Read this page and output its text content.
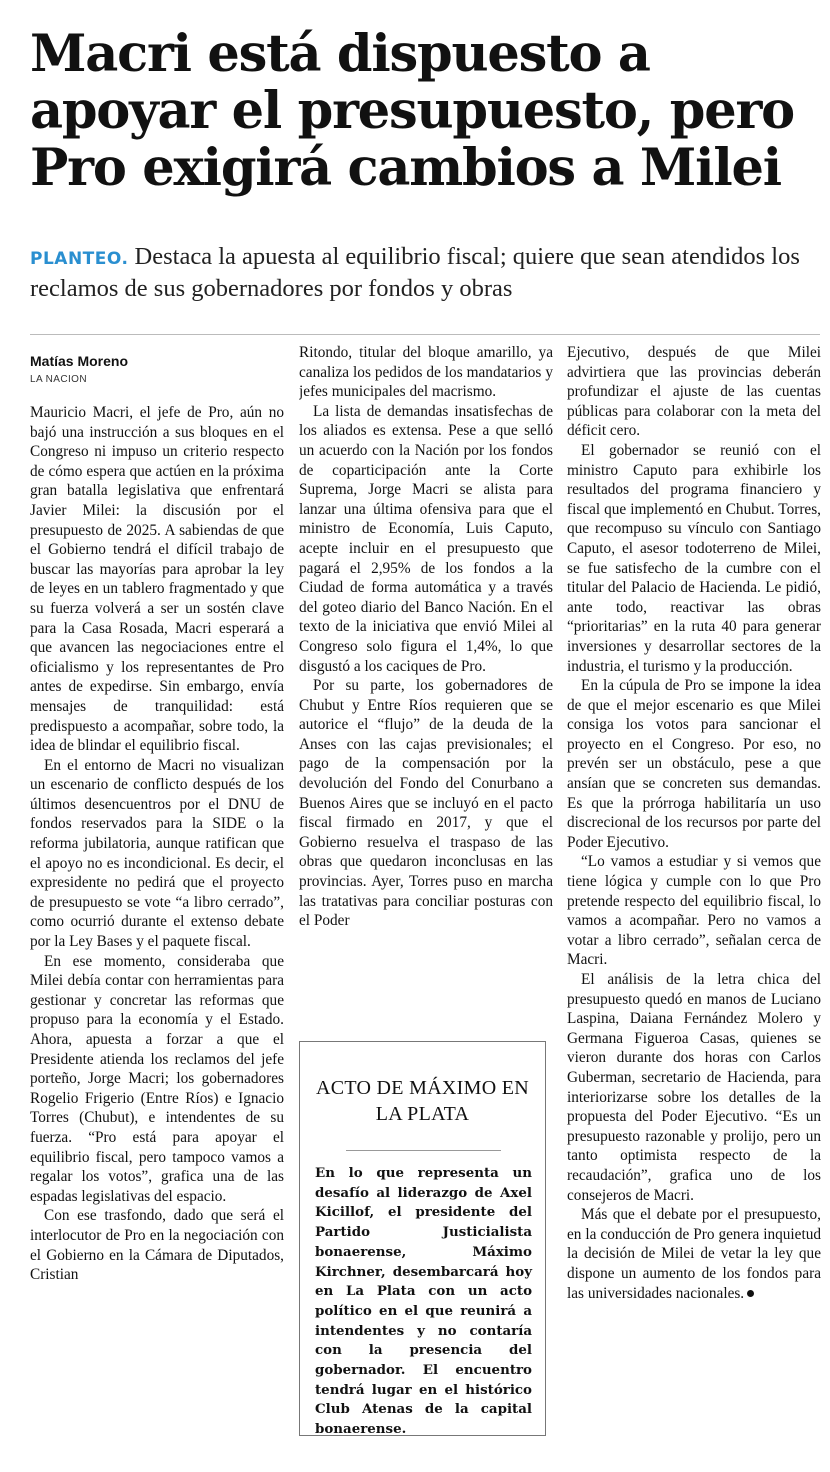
Macri está dispuesto a apoyar el presupuesto, pero Pro exigirá cambios a Milei

PLANTEO. Destaca la apuesta al equilibrio fiscal; quiere que sean atendidos los reclamos de sus gobernadores por fondos y obras

Matías Moreno
LA NACION

Mauricio Macri, el jefe de Pro, aún no bajó una instrucción a sus bloques en el Congreso ni impuso un criterio respecto de cómo espera que actúen en la próxima gran batalla legislativa que enfrentará Javier Milei: la discusión por el presupuesto de 2025. A sabiendas de que el Gobierno tendrá el difícil trabajo de buscar las mayorías para aprobar la ley de leyes en un tablero fragmentado y que su fuerza volverá a ser un sostén clave para la Casa Rosada, Macri esperará a que avancen las negociaciones entre el oficialismo y los representantes de Pro antes de expedirse. Sin embargo, envía mensajes de tranquilidad: está predispuesto a acompañar, sobre todo, la idea de blindar el equilibrio fiscal.

En el entorno de Macri no visualizan un escenario de conflicto después de los últimos desencuentros por el DNU de fondos reservados para la SIDE o la reforma jubilatoria, aunque ratifican que el apoyo no es incondicional. Es decir, el expresidente no pedirá que el proyecto de presupuesto se vote “a libro cerrado”, como ocurrió durante el extenso debate por la Ley Bases y el paquete fiscal.

En ese momento, consideraba que Milei debía contar con herramientas para gestionar y concretar las reformas que propuso para la economía y el Estado. Ahora, apuesta a forzar a que el Presidente atienda los reclamos del jefe porteño, Jorge Macri; los gobernadores Rogelio Frigerio (Entre Ríos) e Ignacio Torres (Chubut), e intendentes de su fuerza. “Pro está para apoyar el equilibrio fiscal, pero tampoco vamos a regalar los votos”, grafica una de las espadas legislativas del espacio.

Con ese trasfondo, dado que será el interlocutor de Pro en la negociación con el Gobierno en la Cámara de Diputados, Cristian

Ritondo, titular del bloque amarillo, ya canaliza los pedidos de los mandatarios y jefes municipales del macrismo.

La lista de demandas insatisfechas de los aliados es extensa. Pese a que selló un acuerdo con la Nación por los fondos de coparticipación ante la Corte Suprema, Jorge Macri se alista para lanzar una última ofensiva para que el ministro de Economía, Luis Caputo, acepte incluir en el presupuesto que pagará el 2,95% de los fondos a la Ciudad de forma automática y a través del goteo diario del Banco Nación. En el texto de la iniciativa que envió Milei al Congreso solo figura el 1,4%, lo que disgustó a los caciques de Pro.

Por su parte, los gobernadores de Chubut y Entre Ríos requieren que se autorice el “flujo” de la deuda de la Anses con las cajas previsionales; el pago de la compensación por la devolución del Fondo del Conurbano a Buenos Aires que se incluyó en el pacto fiscal firmado en 2017, y que el Gobierno resuelva el traspaso de las obras que quedaron inconclusas en las provincias. Ayer, Torres puso en marcha las tratativas para conciliar posturas con el Poder

ACTO DE MÁXIMO EN LA PLATA

En lo que representa un desafío al liderazgo de Axel Kicillof, el presidente del Partido Justicialista bonaerense, Máximo Kirchner, desembarcará hoy en La Plata con un acto político en el que reunirá a intendentes y no contaría con la presencia del gobernador. El encuentro tendrá lugar en el histórico Club Atenas de la capital bonaerense.

Ejecutivo, después de que Milei advirtiera que las provincias deberán profundizar el ajuste de las cuentas públicas para colaborar con la meta del déficit cero.

El gobernador se reunió con el ministro Caputo para exhibirle los resultados del programa financiero y fiscal que implementó en Chubut. Torres, que recompuso su vínculo con Santiago Caputo, el asesor todoterreno de Milei, se fue satisfecho de la cumbre con el titular del Palacio de Hacienda. Le pidió, ante todo, reactivar las obras “prioritarias” en la ruta 40 para generar inversiones y desarrollar sectores de la industria, el turismo y la producción.

En la cúpula de Pro se impone la idea de que el mejor escenario es que Milei consiga los votos para sancionar el proyecto en el Congreso. Por eso, no prevén ser un obstáculo, pese a que ansían que se concreten sus demandas. Es que la prórroga habilitaría un uso discrecional de los recursos por parte del Poder Ejecutivo.

“Lo vamos a estudiar y si vemos que tiene lógica y cumple con lo que Pro pretende respecto del equilibrio fiscal, lo vamos a acompañar. Pero no vamos a votar a libro cerrado”, señalan cerca de Macri.

El análisis de la letra chica del presupuesto quedó en manos de Luciano Laspina, Daiana Fernández Molero y Germana Figueroa Casas, quienes se vieron durante dos horas con Carlos Guberman, secretario de Hacienda, para interiorizarse sobre los detalles de la propuesta del Poder Ejecutivo. “Es un presupuesto razonable y prolijo, pero un tanto optimista respecto de la recaudación”, grafica uno de los consejeros de Macri.

Más que el debate por el presupuesto, en la conducción de Pro genera inquietud la decisión de Milei de vetar la ley que dispone un aumento de los fondos para las universidades nacionales.
